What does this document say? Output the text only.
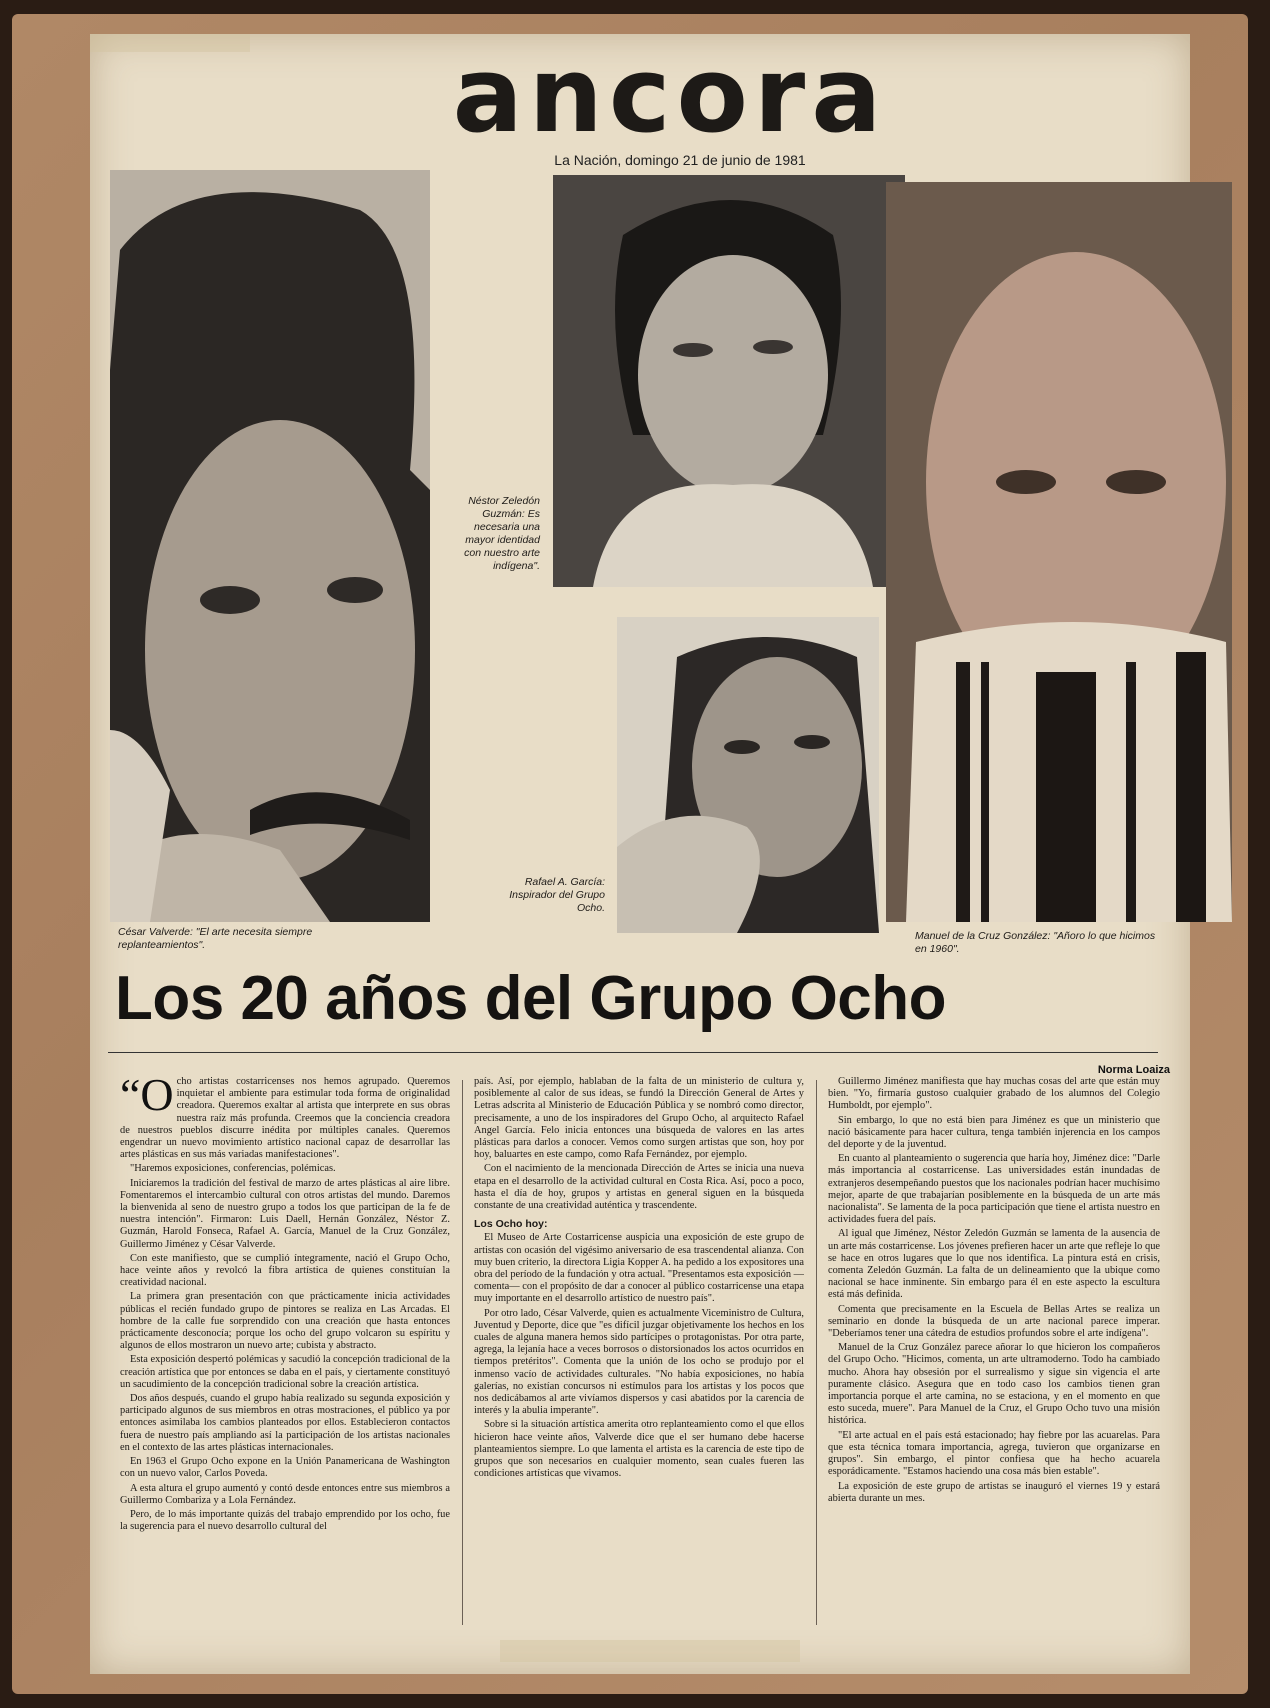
ancora
La Nación, domingo 21 de junio de 1981
César Valverde: "El arte necesita siempre replanteamientos".
Néstor Zeledón Guzmán: Es necesaria una mayor identidad con nuestro arte indígena".
Rafael A. García: Inspirador del Grupo Ocho.
Manuel de la Cruz González: "Añoro lo que hicimos en 1960".
Los 20 años del Grupo Ocho
Norma Loaiza

“Ocho artistas costarricenses nos hemos agrupado. Queremos inquietar el ambiente para estimular toda forma de originalidad creadora. Queremos exaltar al artista que interprete en sus obras nuestra raíz más profunda. Creemos que la conciencia creadora de nuestros pueblos discurre inédita por múltiples canales. Queremos engendrar un nuevo movimiento artístico nacional capaz de desarrollar las artes plásticas en sus más variadas manifestaciones".

"Haremos exposiciones, conferencias, polémicas.

Iniciaremos la tradición del festival de marzo de artes plásticas al aire libre. Fomentaremos el intercambio cultural con otros artistas del mundo. Daremos la bienvenida al seno de nuestro grupo a todos los que participan de la fe de nuestra intención". Firmaron: Luis Daell, Hernán González, Néstor Z. Guzmán, Harold Fonseca, Rafael A. García, Manuel de la Cruz González, Guillermo Jiménez y César Valverde.

Con este manifiesto, que se cumplió íntegramente, nació el Grupo Ocho, hace veinte años y revolcó la fibra artística de quienes constituían la creatividad nacional.

La primera gran presentación con que prácticamente inicia actividades públicas el recién fundado grupo de pintores se realiza en Las Arcadas. El hombre de la calle fue sorprendido con una creación que hasta entonces prácticamente desconocía; porque los ocho del grupo volcaron su espíritu y algunos de ellos mostraron un nuevo arte; cubista y abstracto.

Esta exposición despertó polémicas y sacudió la concepción tradicional de la creación artística que por entonces se daba en el país, y ciertamente constituyó un sacudimiento de la concepción tradicional sobre la creación artística.

Dos años después, cuando el grupo había realizado su segunda exposición y participado algunos de sus miembros en otras mostraciones, el público ya por entonces asimilaba los cambios planteados por ellos. Establecieron contactos fuera de nuestro país ampliando así la participación de los artistas nacionales en el contexto de las artes plásticas internacionales.

En 1963 el Grupo Ocho expone en la Unión Panamericana de Washington con un nuevo valor, Carlos Poveda.

A esta altura el grupo aumentó y contó desde entonces entre sus miembros a Guillermo Combariza y a Lola Fernández.

Pero, de lo más importante quizás del trabajo emprendido por los ocho, fue la sugerencia para el nuevo desarrollo cultural del

país. Así, por ejemplo, hablaban de la falta de un ministerio de cultura y, posiblemente al calor de sus ideas, se fundó la Dirección General de Artes y Letras adscrita al Ministerio de Educación Pública y se nombró como director, precisamente, a uno de los inspiradores del Grupo Ocho, al arquitecto Rafael Angel García. Felo inicia entonces una búsqueda de valores en las artes plásticas para darlos a conocer. Vemos como surgen artistas que son, hoy por hoy, baluartes en este campo, como Rafa Fernández, por ejemplo.

Con el nacimiento de la mencionada Dirección de Artes se inicia una nueva etapa en el desarrollo de la actividad cultural en Costa Rica. Así, poco a poco, hasta el día de hoy, grupos y artistas en general siguen en la búsqueda constante de una creatividad auténtica y trascendente.

Los Ocho hoy:

El Museo de Arte Costarricense auspicia una exposición de este grupo de artistas con ocasión del vigésimo aniversario de esa trascendental alianza. Con muy buen criterio, la directora Ligia Kopper A. ha pedido a los expositores una obra del período de la fundación y otra actual. "Presentamos esta exposición —comenta— con el propósito de dar a conocer al público costarricense una etapa muy importante en el desarrollo artístico de nuestro país".

Por otro lado, César Valverde, quien es actualmente Viceministro de Cultura, Juventud y Deporte, dice que "es difícil juzgar objetivamente los hechos en los cuales de alguna manera hemos sido partícipes o protagonistas. Por otra parte, agrega, la lejanía hace a veces borrosos o distorsionados los actos ocurridos en tiempos pretéritos". Comenta que la unión de los ocho se produjo por el inmenso vacío de actividades culturales. "No había exposiciones, no había galerías, no existían concursos ni estímulos para los artistas y los pocos que nos dedicábamos al arte vivíamos dispersos y casi abatidos por la carencia de interés y la abulia imperante".

Sobre si la situación artística amerita otro replanteamiento como el que ellos hicieron hace veinte años, Valverde dice que el ser humano debe hacerse planteamientos siempre. Lo que lamenta el artista es la carencia de este tipo de grupos que son necesarios en cualquier momento, sean cuales fueren las condiciones artísticas que vivamos.

Guillermo Jiménez manifiesta que hay muchas cosas del arte que están muy bien. "Yo, firmaría gustoso cualquier grabado de los alumnos del Colegio Humboldt, por ejemplo".

Sin embargo, lo que no está bien para Jiménez es que un ministerio que nació básicamente para hacer cultura, tenga también injerencia en los campos del deporte y de la juventud.

En cuanto al planteamiento o sugerencia que haría hoy, Jiménez dice: "Darle más importancia al costarricense. Las universidades están inundadas de extranjeros desempeñando puestos que los nacionales podrían hacer muchísimo mejor, aparte de que trabajarían posiblemente en la búsqueda de un arte más nacionalista". Se lamenta de la poca participación que tiene el artista nuestro en actividades fuera del país.

Al igual que Jiménez, Néstor Zeledón Guzmán se lamenta de la ausencia de un arte más costarricense. Los jóvenes prefieren hacer un arte que refleje lo que se hace en otros lugares que lo que nos identifica. La pintura está en crisis, comenta Zeledón Guzmán. La falta de un delineamiento que la ubique como nacional se hace inminente. Sin embargo para él en este aspecto la escultura está más definida.

Comenta que precisamente en la Escuela de Bellas Artes se realiza un seminario en donde la búsqueda de un arte nacional parece imperar. "Deberíamos tener una cátedra de estudios profundos sobre el arte indígena".

Manuel de la Cruz González parece añorar lo que hicieron los compañeros del Grupo Ocho. "Hicimos, comenta, un arte ultramoderno. Todo ha cambiado mucho. Ahora hay obsesión por el surrealismo y sigue sin vigencia el arte puramente clásico. Asegura que en todo caso los cambios tienen gran importancia porque el arte camina, no se estaciona, y en el momento en que esto suceda, muere". Para Manuel de la Cruz, el Grupo Ocho tuvo una misión histórica.

"El arte actual en el país está estacionado; hay fiebre por las acuarelas. Para que esta técnica tomara importancia, agrega, tuvieron que organizarse en grupos". Sin embargo, el pintor confiesa que ha hecho acuarela esporádicamente. "Estamos haciendo una cosa más bien estable".

La exposición de este grupo de artistas se inauguró el viernes 19 y estará abierta durante un mes.
